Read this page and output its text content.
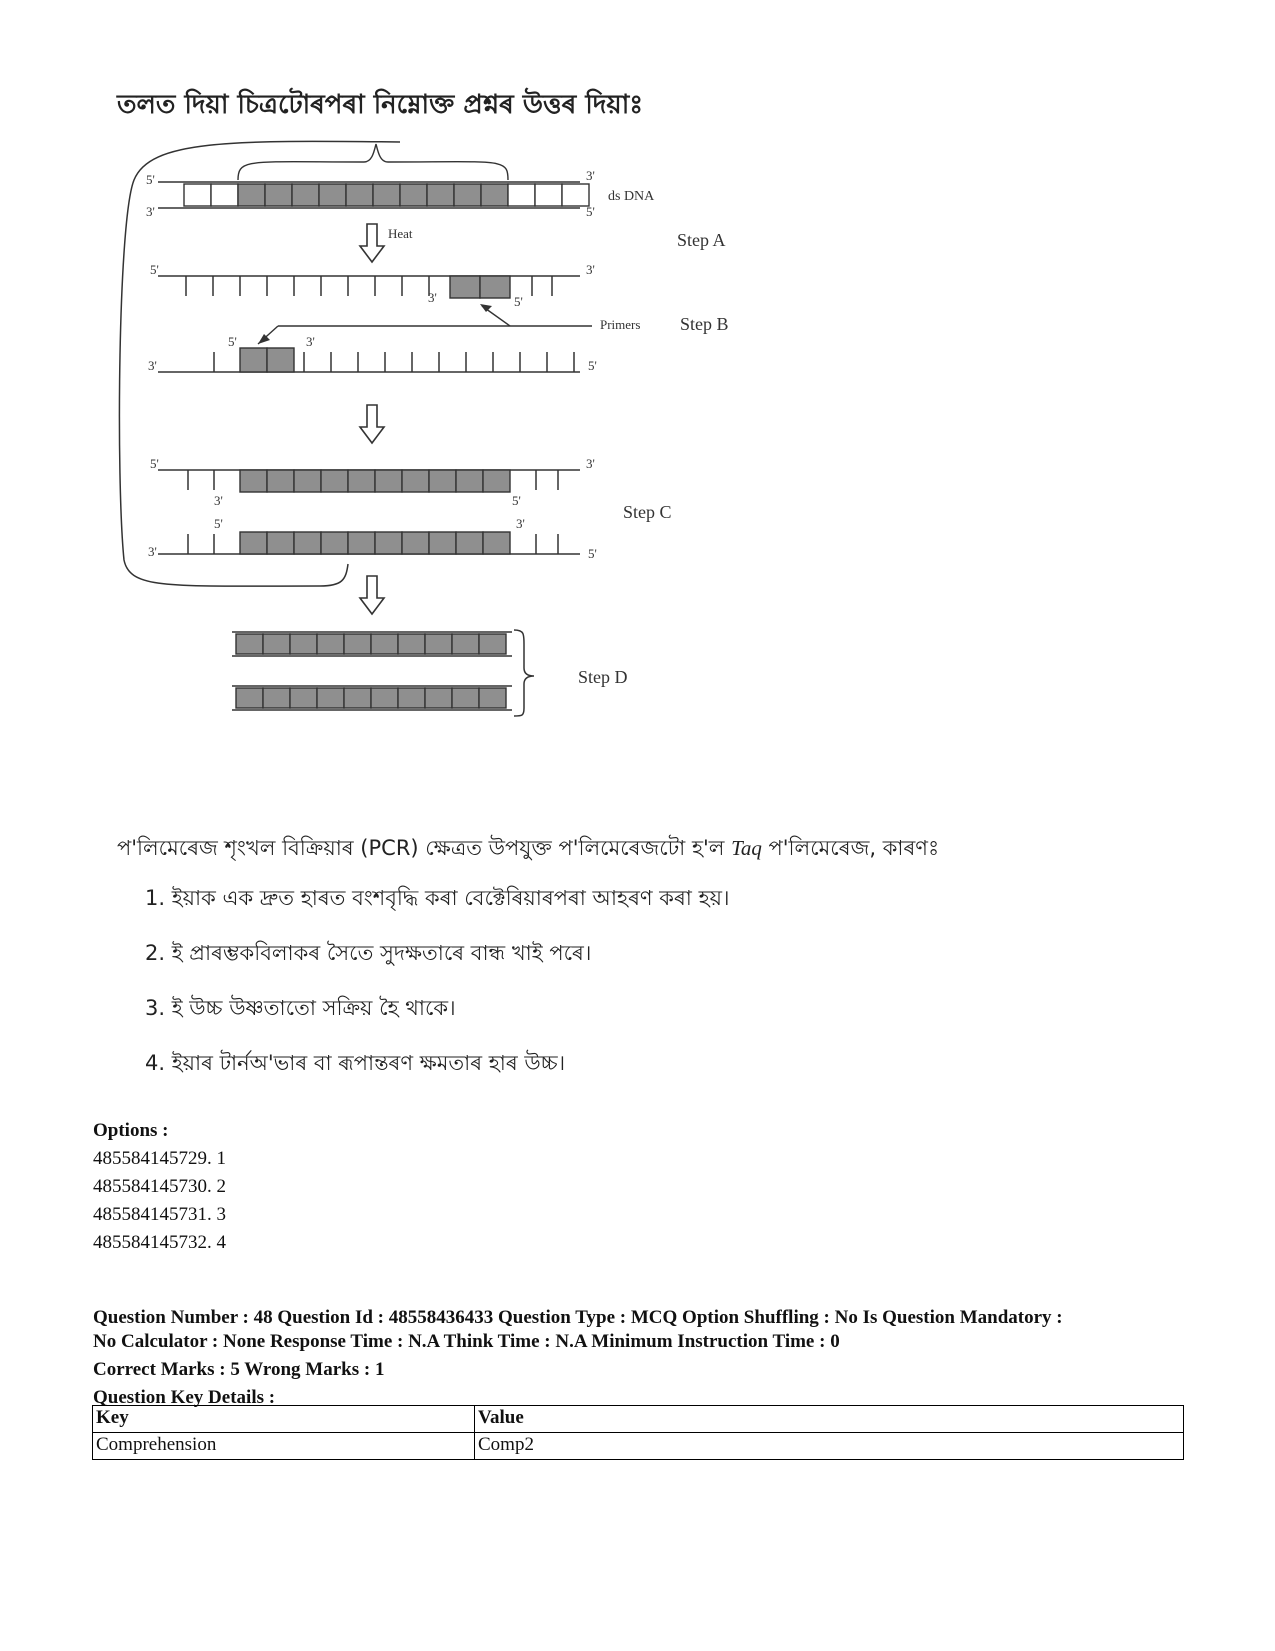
তলত দিয়া চিত্ৰটোৰপৰা নিম্নোক্ত প্ৰশ্নৰ উত্তৰ দিয়াঃ
ds DNA
Heat
Primers
Step A
Step B
Step C
Step D
5'	3'
3'	5'
5'	3'
3'	5'
5'	3'
3'	5'
5'	3'
3'	5'
5'	3'
3'	5'
প'লিমেৰেজ শৃংখল বিক্ৰিয়াৰ (PCR) ক্ষেত্ৰত উপযুক্ত প'লিমেৰেজটো হ'ল Taq প'লিমেৰেজ, কাৰণঃ
1. ইয়াক এক দ্ৰুত হাৰত বংশবৃদ্ধি কৰা বেক্টেৰিয়াৰপৰা আহৰণ কৰা হয়।
2. ই প্ৰাৰম্ভকবিলাকৰ সৈতে সুদক্ষতাৰে বান্ধ খাই পৰে।
3. ই উচ্চ উষ্ণতাতো সক্ৰিয় হৈ থাকে।
4. ইয়াৰ টাৰ্নঅ'ভাৰ বা ৰূপান্তৰণ ক্ষমতাৰ হাৰ উচ্চ।
Options :
485584145729. 1
485584145730. 2
485584145731. 3
485584145732. 4
Question Number : 48 Question Id : 48558436433 Question Type : MCQ Option Shuffling : No Is Question Mandatory :
No Calculator : None Response Time : N.A Think Time : N.A Minimum Instruction Time : 0
Correct Marks : 5 Wrong Marks : 1
Question Key Details :
Key	Value
Comprehension	Comp2
